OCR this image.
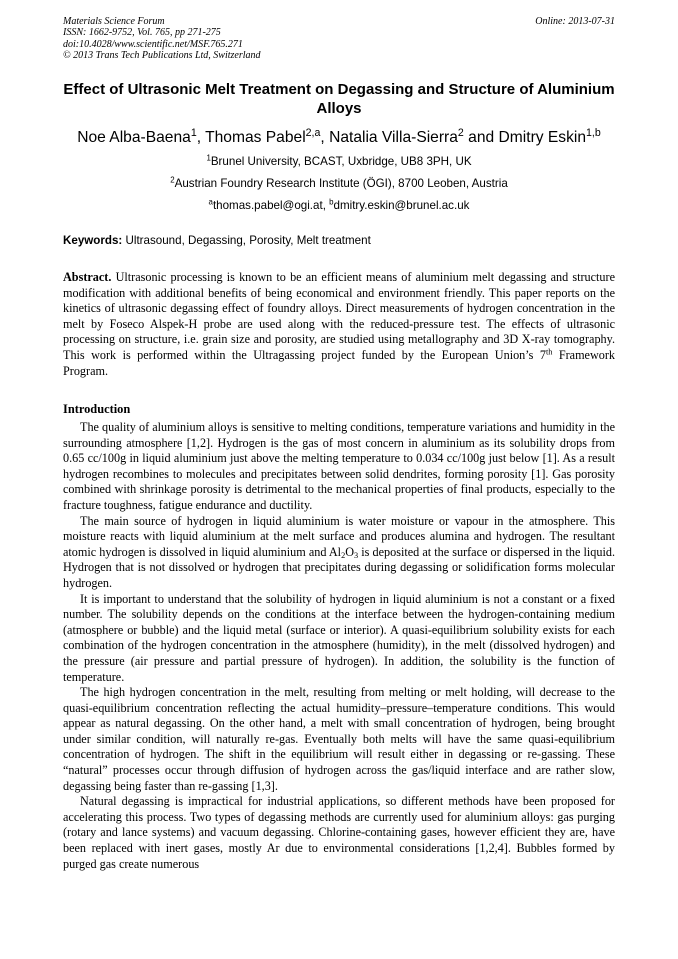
Materials Science Forum
ISSN: 1662-9752, Vol. 765, pp 271-275
doi:10.4028/www.scientific.net/MSF.765.271
© 2013 Trans Tech Publications Ltd, Switzerland
Online: 2013-07-31
Effect of Ultrasonic Melt Treatment on Degassing and Structure of Aluminium Alloys
Noe Alba-Baena$^1$, Thomas Pabel$^{2,a}$, Natalia Villa-Sierra$^2$ and Dmitry Eskin$^{1,b}$
$^1$Brunel University, BCAST, Uxbridge, UB8 3PH, UK
$^2$Austrian Foundry Research Institute (ÖGI), 8700 Leoben, Austria
$^a$thomas.pabel@ogi.at, $^b$dmitry.eskin@brunel.ac.uk
Keywords: Ultrasound, Degassing, Porosity, Melt treatment
Abstract. Ultrasonic processing is known to be an efficient means of aluminium melt degassing and structure modification with additional benefits of being economical and environment friendly. This paper reports on the kinetics of ultrasonic degassing effect of foundry alloys. Direct measurements of hydrogen concentration in the melt by Foseco Alspek-H probe are used along with the reduced-pressure test. The effects of ultrasonic processing on structure, i.e. grain size and porosity, are studied using metallography and 3D X-ray tomography. This work is performed within the Ultragassing project funded by the European Union’s 7th Framework Program.
Introduction

The quality of aluminium alloys is sensitive to melting conditions, temperature variations and humidity in the surrounding atmosphere [1,2]. Hydrogen is the gas of most concern in aluminium as its solubility drops from 0.65 cc/100g in liquid aluminium just above the melting temperature to 0.034 cc/100g just below [1]. As a result hydrogen recombines to molecules and precipitates between solid dendrites, forming porosity [1]. Gas porosity combined with shrinkage porosity is detrimental to the mechanical properties of final products, especially to the fracture toughness, fatigue endurance and ductility.

The main source of hydrogen in liquid aluminium is water moisture or vapour in the atmosphere. This moisture reacts with liquid aluminium at the melt surface and produces alumina and hydrogen. The resultant atomic hydrogen is dissolved in liquid aluminium and $Al_2O_3$ is deposited at the surface or dispersed in the liquid. Hydrogen that is not dissolved or hydrogen that precipitates during degassing or solidification forms molecular hydrogen.

It is important to understand that the solubility of hydrogen in liquid aluminium is not a constant or a fixed number. The solubility depends on the conditions at the interface between the hydrogen-containing medium (atmosphere or bubble) and the liquid metal (surface or interior). A quasi-equilibrium solubility exists for each combination of the hydrogen concentration in the atmosphere (humidity), in the melt (dissolved hydrogen) and the pressure (air pressure and partial pressure of hydrogen). In addition, the solubility is the function of temperature.

The high hydrogen concentration in the melt, resulting from melting or melt holding, will decrease to the quasi-equilibrium concentration reflecting the actual humidity–pressure–temperature conditions. This would appear as natural degassing. On the other hand, a melt with small concentration of hydrogen, being brought under similar condition, will naturally re-gas. Eventually both melts will have the same quasi-equilibrium concentration of hydrogen. The shift in the equilibrium will result either in degassing or re-gassing. These “natural” processes occur through diffusion of hydrogen across the gas/liquid interface and are rather slow, degassing being faster than re-gassing [1,3].

Natural degassing is impractical for industrial applications, so different methods have been proposed for accelerating this process. Two types of degassing methods are currently used for aluminium alloys: gas purging (rotary and lance systems) and vacuum degassing. Chlorine-containing gases, however efficient they are, have been replaced with inert gases, mostly Ar due to environmental considerations [1,2,4]. Bubbles formed by purged gas create numerous
